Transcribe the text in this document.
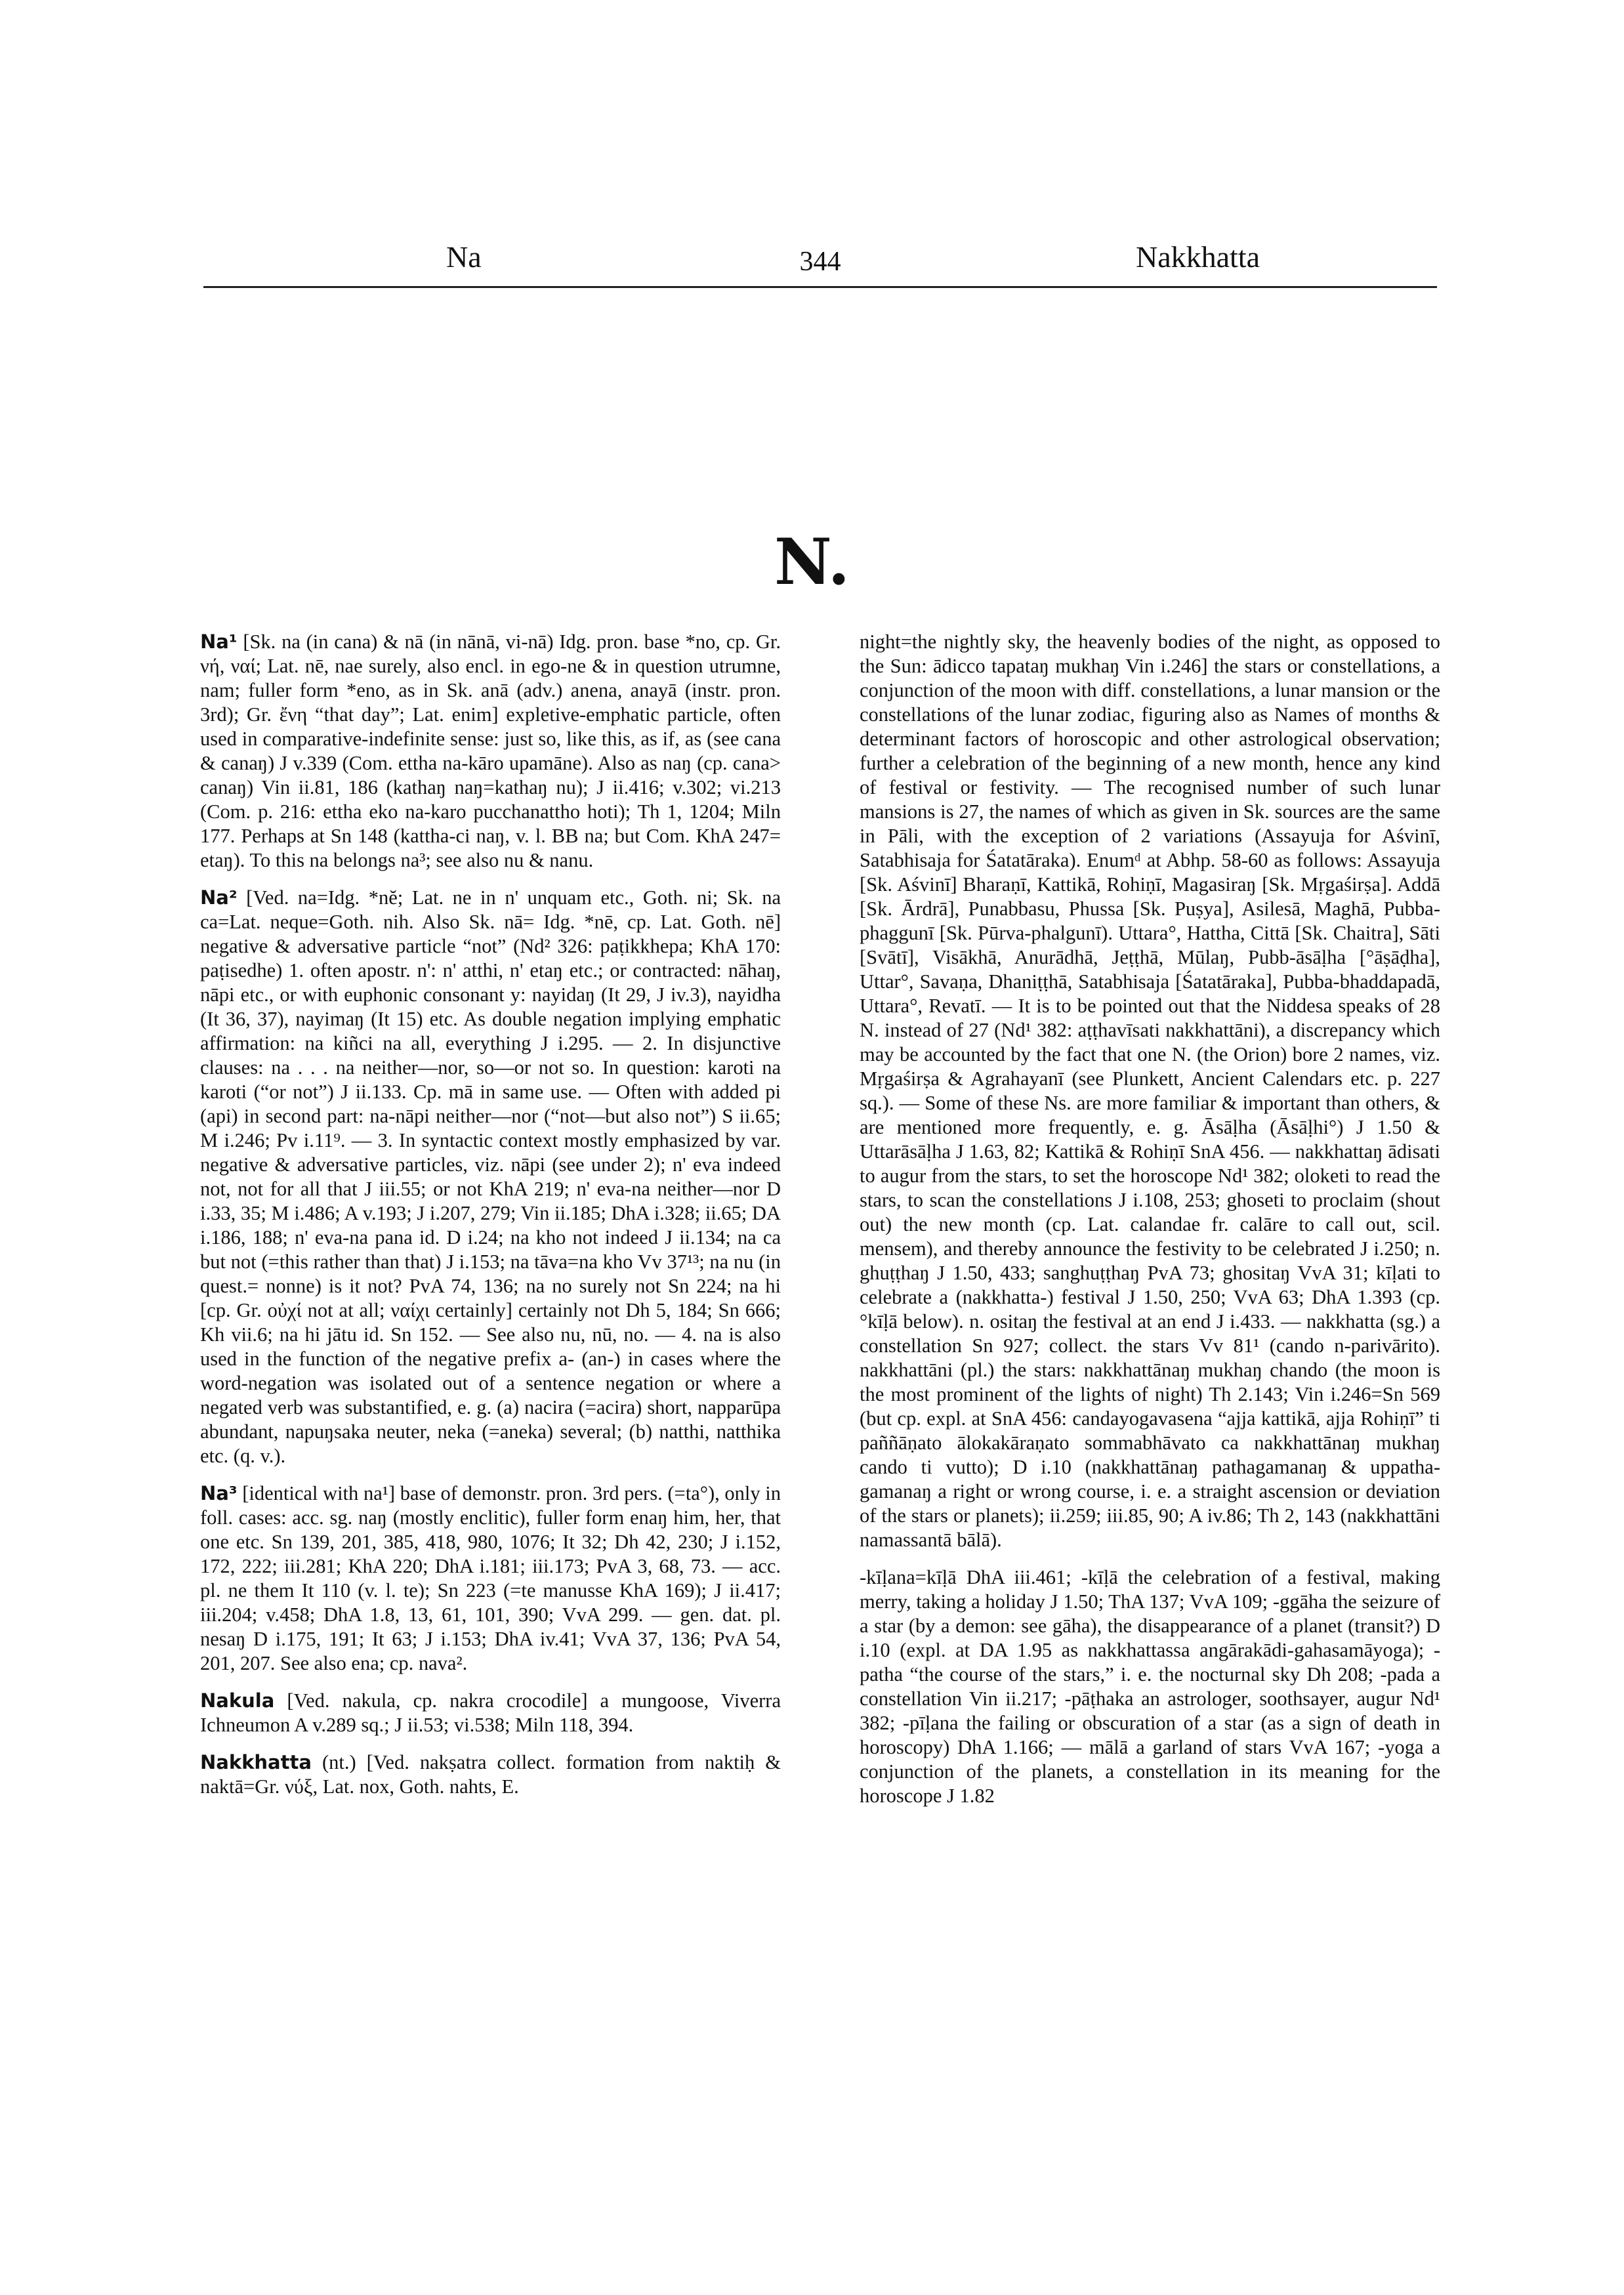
Na	344	Nakkhatta
N.

Na¹ [Sk. na (in cana) & nā (in nānā, vi-nā) Idg. pron. base *no, cp. Gr. νή, ναί; Lat. nē, nae surely, also encl. in ego-ne & in question utrumne, nam; fuller form *eno, as in Sk. anā (adv.) anena, anayā (instr. pron. 3rd); Gr. ἔνη “that day”; Lat. enim] expletive-emphatic particle, often used in comparative-indefinite sense: just so, like this, as if, as (see cana & canaŋ) J v.339 (Com. ettha na-kāro upamāne). Also as naŋ (cp. cana> canaŋ) Vin ii.81, 186 (kathaŋ naŋ=kathaŋ nu); J ii.416; v.302; vi.213 (Com. p. 216: ettha eko na-karo pucchanattho hoti); Th 1, 1204; Miln 177. Perhaps at Sn 148 (kattha-ci naŋ, v. l. BB na; but Com. KhA 247= etaŋ). To this na belongs na³; see also nu & nanu.

Na² [Ved. na=Idg. *nĕ; Lat. ne in n' unquam etc., Goth. ni; Sk. na ca=Lat. neque=Goth. nih. Also Sk. nā= Idg. *nē, cp. Lat. Goth. nē] negative & adversative particle “not” (Nd² 326: paṭikkhepa; KhA 170: paṭisedhe) 1. often apostr. n': n' atthi, n' etaŋ etc.; or contracted: nāhaŋ, nāpi etc., or with euphonic consonant y: nayidaŋ (It 29, J iv.3), nayidha (It 36, 37), nayimaŋ (It 15) etc. As double negation implying emphatic affirmation: na kiñci na all, everything J i.295. — 2. In disjunctive clauses: na . . . na neither—nor, so—or not so. In question: karoti na karoti (“or not”) J ii.133. Cp. mā in same use. — Often with added pi (api) in second part: na-nāpi neither—nor (“not—but also not”) S ii.65; M i.246; Pv i.11⁹. — 3. In syntactic context mostly emphasized by var. negative & adversative particles, viz. nāpi (see under 2); n' eva indeed not, not for all that J iii.55; or not KhA 219; n' eva-na neither—nor D i.33, 35; M i.486; A v.193; J i.207, 279; Vin ii.185; DhA i.328; ii.65; DA i.186, 188; n' eva-na pana id. D i.24; na kho not indeed J ii.134; na ca but not (=this rather than that) J i.153; na tāva=na kho Vv 37¹³; na nu (in quest.= nonne) is it not? PvA 74, 136; na no surely not Sn 224; na hi [cp. Gr. οὐχί not at all; ναίχι certainly] certainly not Dh 5, 184; Sn 666; Kh vii.6; na hi jātu id. Sn 152. — See also nu, nū, no. — 4. na is also used in the function of the negative prefix a- (an-) in cases where the word-negation was isolated out of a sentence negation or where a negated verb was substantified, e. g. (a) nacira (=acira) short, napparūpa abundant, napuŋsaka neuter, neka (=aneka) several; (b) natthi, natthika etc. (q. v.).

Na³ [identical with na¹] base of demonstr. pron. 3rd pers. (=ta°), only in foll. cases: acc. sg. naŋ (mostly enclitic), fuller form enaŋ him, her, that one etc. Sn 139, 201, 385, 418, 980, 1076; It 32; Dh 42, 230; J i.152, 172, 222; iii.281; KhA 220; DhA i.181; iii.173; PvA 3, 68, 73. — acc. pl. ne them It 110 (v. l. te); Sn 223 (=te manusse KhA 169); J ii.417; iii.204; v.458; DhA 1.8, 13, 61, 101, 390; VvA 299. — gen. dat. pl. nesaŋ D i.175, 191; It 63; J i.153; DhA iv.41; VvA 37, 136; PvA 54, 201, 207. See also ena; cp. nava².

Nakula [Ved. nakula, cp. nakra crocodile] a mungoose, Viverra Ichneumon A v.289 sq.; J ii.53; vi.538; Miln 118, 394.

Nakkhatta (nt.) [Ved. nakṣatra collect. formation from naktiḥ & naktā=Gr. νύξ, Lat. nox, Goth. nahts, E.

night=the nightly sky, the heavenly bodies of the night, as opposed to the Sun: ādicco tapataŋ mukhaŋ Vin i.246] the stars or constellations, a conjunction of the moon with diff. constellations, a lunar mansion or the constellations of the lunar zodiac, figuring also as Names of months & determinant factors of horoscopic and other astrological observation; further a celebration of the beginning of a new month, hence any kind of festival or festivity. — The recognised number of such lunar mansions is 27, the names of which as given in Sk. sources are the same in Pāli, with the exception of 2 variations (Assayuja for Aśvinī, Satabhisaja for Śatatāraka). Enumᵈ at Abhp. 58-60 as follows: Assayuja [Sk. Aśvinī] Bharaṇī, Kattikā, Rohiṇī, Magasiraŋ [Sk. Mṛgaśirṣa]. Addā [Sk. Ārdrā], Punabbasu, Phussa [Sk. Puṣya], Asilesā, Maghā, Pubba-phaggunī [Sk. Pūrva-phalgunī). Uttara°, Hattha, Cittā [Sk. Chaitra], Sāti [Svātī], Visākhā, Anurādhā, Jeṭṭhā, Mūlaŋ, Pubb-āsāḷha [°āṣāḍha], Uttar°, Savaṇa, Dhaniṭṭhā, Satabhisaja [Śatatāraka], Pubba-bhaddapadā, Uttara°, Revatī. — It is to be pointed out that the Niddesa speaks of 28 N. instead of 27 (Nd¹ 382: aṭṭhavīsati nakkhattāni), a discrepancy which may be accounted by the fact that one N. (the Orion) bore 2 names, viz. Mṛgaśirṣa & Agrahayanī (see Plunkett, Ancient Calendars etc. p. 227 sq.). — Some of these Ns. are more familiar & important than others, & are mentioned more frequently, e. g. Āsāḷha (Āsāḷhi°) J 1.50 & Uttarāsāḷha J 1.63, 82; Kattikā & Rohiṇī SnA 456. — nakkhattaŋ ādisati to augur from the stars, to set the horoscope Nd¹ 382; oloketi to read the stars, to scan the constellations J i.108, 253; ghoseti to proclaim (shout out) the new month (cp. Lat. calandae fr. calāre to call out, scil. mensem), and thereby announce the festivity to be celebrated J i.250; n. ghuṭṭhaŋ J 1.50, 433; sanghuṭṭhaŋ PvA 73; ghositaŋ VvA 31; kīḷati to celebrate a (nakkhatta-) festival J 1.50, 250; VvA 63; DhA 1.393 (cp. °kīḷā below). n. ositaŋ the festival at an end J i.433. — nakkhatta (sg.) a constellation Sn 927; collect. the stars Vv 81¹ (cando n-parivārito). nakkhattāni (pl.) the stars: nakkhattānaŋ mukhaŋ chando (the moon is the most prominent of the lights of night) Th 2.143; Vin i.246=Sn 569 (but cp. expl. at SnA 456: candayogavasena “ajja kattikā, ajja Rohiṇī” ti paññāṇato ālokakāraṇato sommabhāvato ca nakkhattānaŋ mukhaŋ cando ti vutto); D i.10 (nakkhattānaŋ pathagamanaŋ & uppatha-gamanaŋ a right or wrong course, i. e. a straight ascension or deviation of the stars or planets); ii.259; iii.85, 90; A iv.86; Th 2, 143 (nakkhattāni namassantā bālā).

-kīḷana=kīḷā DhA iii.461; -kīḷā the celebration of a festival, making merry, taking a holiday J 1.50; ThA 137; VvA 109; -ggāha the seizure of a star (by a demon: see gāha), the disappearance of a planet (transit?) D i.10 (expl. at DA 1.95 as nakkhattassa angārakādi-gahasamāyoga); -patha “the course of the stars,” i. e. the nocturnal sky Dh 208; -pada a constellation Vin ii.217; -pāṭhaka an astrologer, soothsayer, augur Nd¹ 382; -pīḷana the failing or obscuration of a star (as a sign of death in horoscopy) DhA 1.166; — mālā a garland of stars VvA 167; -yoga a conjunction of the planets, a constellation in its meaning for the horoscope J 1.82
